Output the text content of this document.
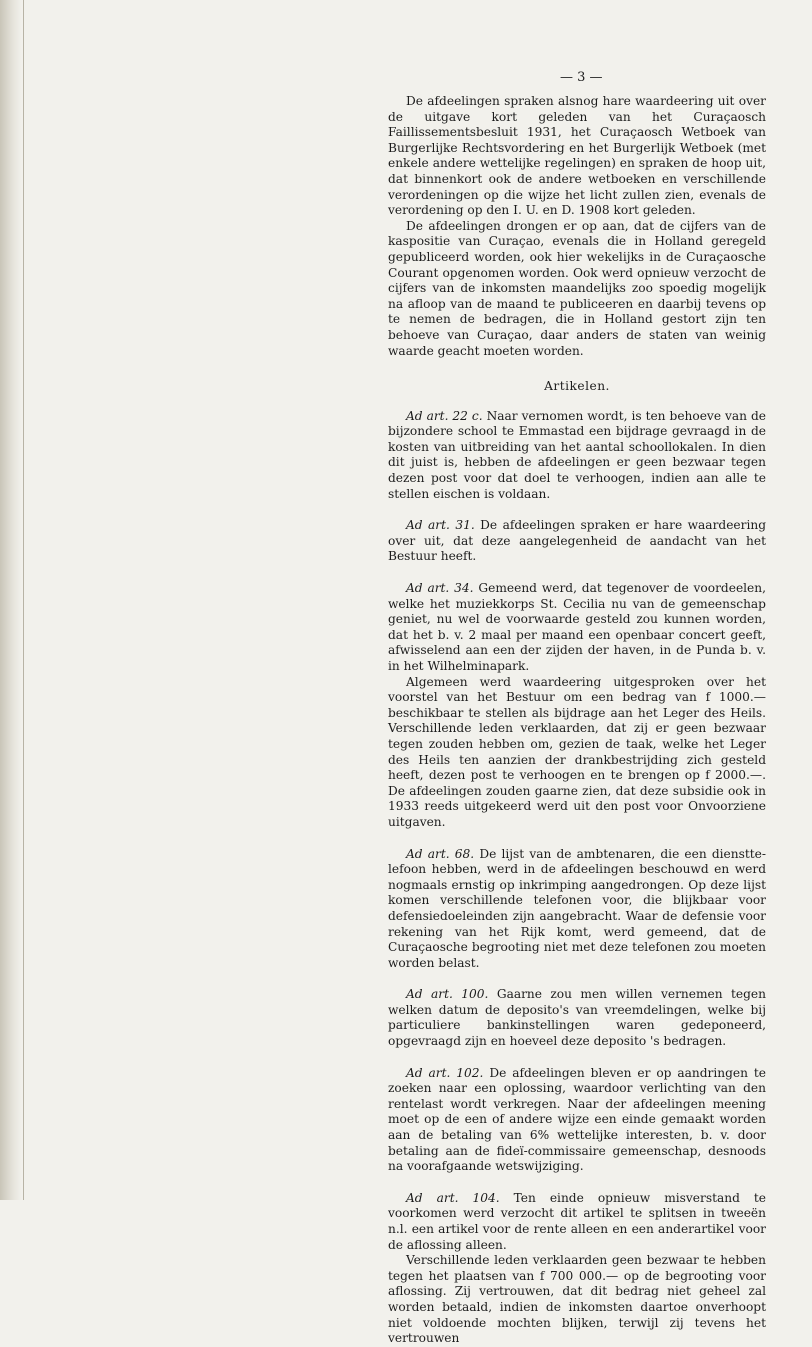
— 3 —

De afdeelingen spraken alsnog hare waardeering uit over de uitgave kort geleden van het Curaçaosch Faillissementsbesluit 1931, het Curaçaosch Wetboek van Burgerlijke Rechtsvordering en het Burgerlijk Wetboek (met enkele andere wettelijke regelingen) en spraken de hoop uit, dat binnenkort ook de andere wetboeken en verschillende verordeningen op die wijze het licht zullen zien, evenals de verordening op den I. U. en D. 1908 kort geleden.

De afdeelingen drongen er op aan, dat de cijfers van de kaspositie van Curaçao, evenals die in Holland geregeld gepubliceerd worden, ook hier wekelijks in de Curaçaosche Courant opgenomen worden. Ook werd opnieuw verzocht de cijfers van de inkomsten maandelijks zoo spoedig mogelijk na afloop van de maand te publiceeren en daarbij tevens op te nemen de bedragen, die in Holland gestort zijn ten behoeve van Curaçao, daar anders de staten van weinig waarde geacht moeten worden.

Artikelen.

Ad art. 22 c. Naar vernomen wordt, is ten behoeve van de bijzondere school te Emmastad een bijdrage gevraagd in de kosten van uitbreiding van het aantal schoollokalen. In dien dit juist is, hebben de afdeelingen er geen bezwaar tegen dezen post voor dat doel te verhoogen, indien aan alle te stellen eischen is voldaan.

Ad art. 31. De afdeelingen spraken er hare waardeering over uit, dat deze aangelegenheid de aandacht van het Bestuur heeft.

Ad art. 34. Gemeend werd, dat tegenover de voordeelen, welke het muziekkorps St. Cecilia nu van de gemeenschap geniet, nu wel de voorwaarde gesteld zou kunnen worden, dat het b. v. 2 maal per maand een openbaar concert geeft, afwisselend aan een der zijden der haven, in de Punda b. v. in het Wilhelminapark.

Algemeen werd waardeering uitgesproken over het voorstel van het Bestuur om een bedrag van f 1000.— beschikbaar te stellen als bijdrage aan het Leger des Heils. Verschillende leden verklaarden, dat zij er geen bezwaar tegen zouden hebben om, gezien de taak, welke het Leger des Heils ten aanzien der drankbestrijding zich gesteld heeft, dezen post te verhoogen en te brengen op f 2000.—. De afdeelingen zouden gaarne zien, dat deze subsidie ook in 1933 reeds uitgekeerd werd uit den post voor Onvoorziene uitgaven.

Ad art. 68. De lijst van de ambtenaren, die een dienstte-lefoon hebben, werd in de afdeelingen beschouwd en werd nogmaals ernstig op inkrimping aangedrongen. Op deze lijst komen verschillende telefonen voor, die blijkbaar voor defensiedoeleinden zijn aangebracht. Waar de defensie voor rekening van het Rijk komt, werd gemeend, dat de Curaçaosche begrooting niet met deze telefonen zou moeten worden belast.

Ad art. 100. Gaarne zou men willen vernemen tegen welken datum de deposito's van vreemdelingen, welke bij particuliere bankinstellingen waren gedeponeerd, opgevraagd zijn en hoeveel deze deposito 's bedragen.

Ad art. 102. De afdeelingen bleven er op aandringen te zoeken naar een oplossing, waardoor verlichting van den rentelast wordt verkregen. Naar der afdeelingen meening moet op de een of andere wijze een einde gemaakt worden aan de betaling van 6% wettelijke interesten, b. v. door betaling aan de fideï-commissaire gemeenschap, desnoods na voorafgaande wetswijziging.

Ad art. 104. Ten einde opnieuw misverstand te voorkomen werd verzocht dit artikel te splitsen in tweeën n.l. een artikel voor de rente alleen en een anderartikel voor de aflossing alleen.

Verschillende leden verklaarden geen bezwaar te hebben tegen het plaatsen van f 700 000.— op de begrooting voor aflossing. Zij vertrouwen, dat dit bedrag niet geheel zal worden betaald, indien de inkomsten daartoe onverhoopt niet voldoende mochten blijken, terwijl zij tevens het vertrouwen
